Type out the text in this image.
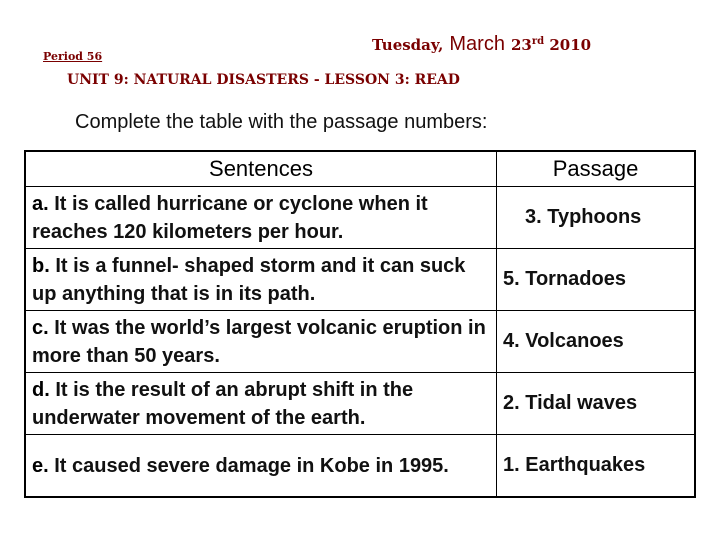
Period 56
Tuesday, March 23rd 2010
UNIT 9: NATURAL DISASTERS - LESSON 3: READ
Complete the table with the passage numbers:
Sentences	Passage
a. It is called hurricane or cyclone when it reaches 120 kilometers per hour.	3. Typhoons
b. It is a funnel- shaped storm and it can suck up anything that is in its path.	5. Tornadoes
c. It was the world’s largest volcanic eruption in more than 50 years.	4. Volcanoes
d. It is the result of an abrupt shift in the underwater movement of the earth.	2. Tidal waves
e. It caused severe damage in Kobe in 1995.	1. Earthquakes
